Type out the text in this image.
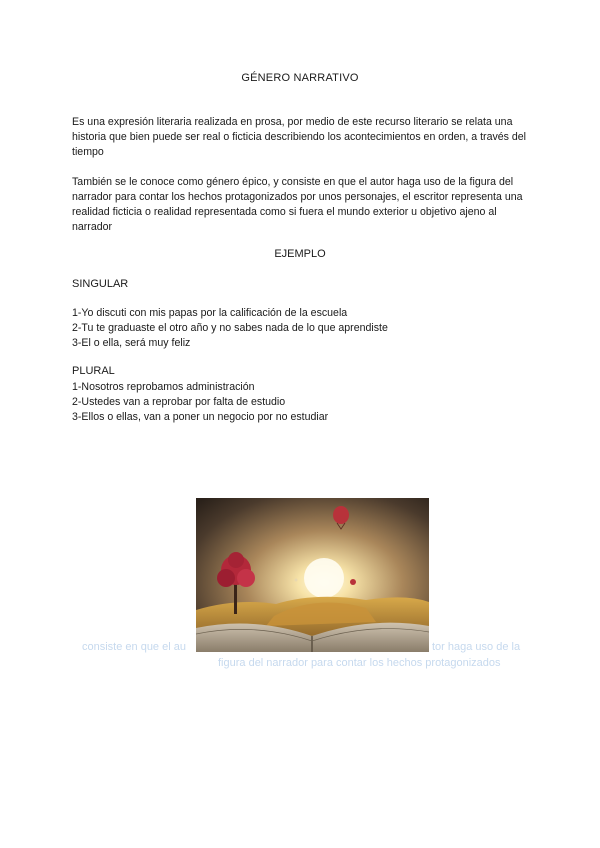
GÉNERO NARRATIVO
Es una expresión literaria realizada en prosa, por medio de este recurso literario se relata una historia que bien puede ser real o ficticia describiendo los acontecimientos en orden, a través del tiempo
También se le conoce como género épico, y consiste en que el autor haga uso de la figura del narrador para contar los hechos protagonizados por unos personajes, el escritor representa una realidad ficticia o realidad representada como si fuera el mundo exterior u objetivo ajeno al narrador
EJEMPLO
SINGULAR
1-Yo discuti con mis papas por la calificación de la escuela
2-Tu te graduaste el otro año y no sabes nada de lo que aprendiste
3-El o ella, será muy feliz
PLURAL
1-Nosotros reprobamos administración
2-Ustedes van a reprobar por falta de estudio
3-Ellos o ellas, van a poner un negocio por no estudiar
consiste en que el au	tor haga uso de la
figura del narrador para contar los hechos protagonizados
